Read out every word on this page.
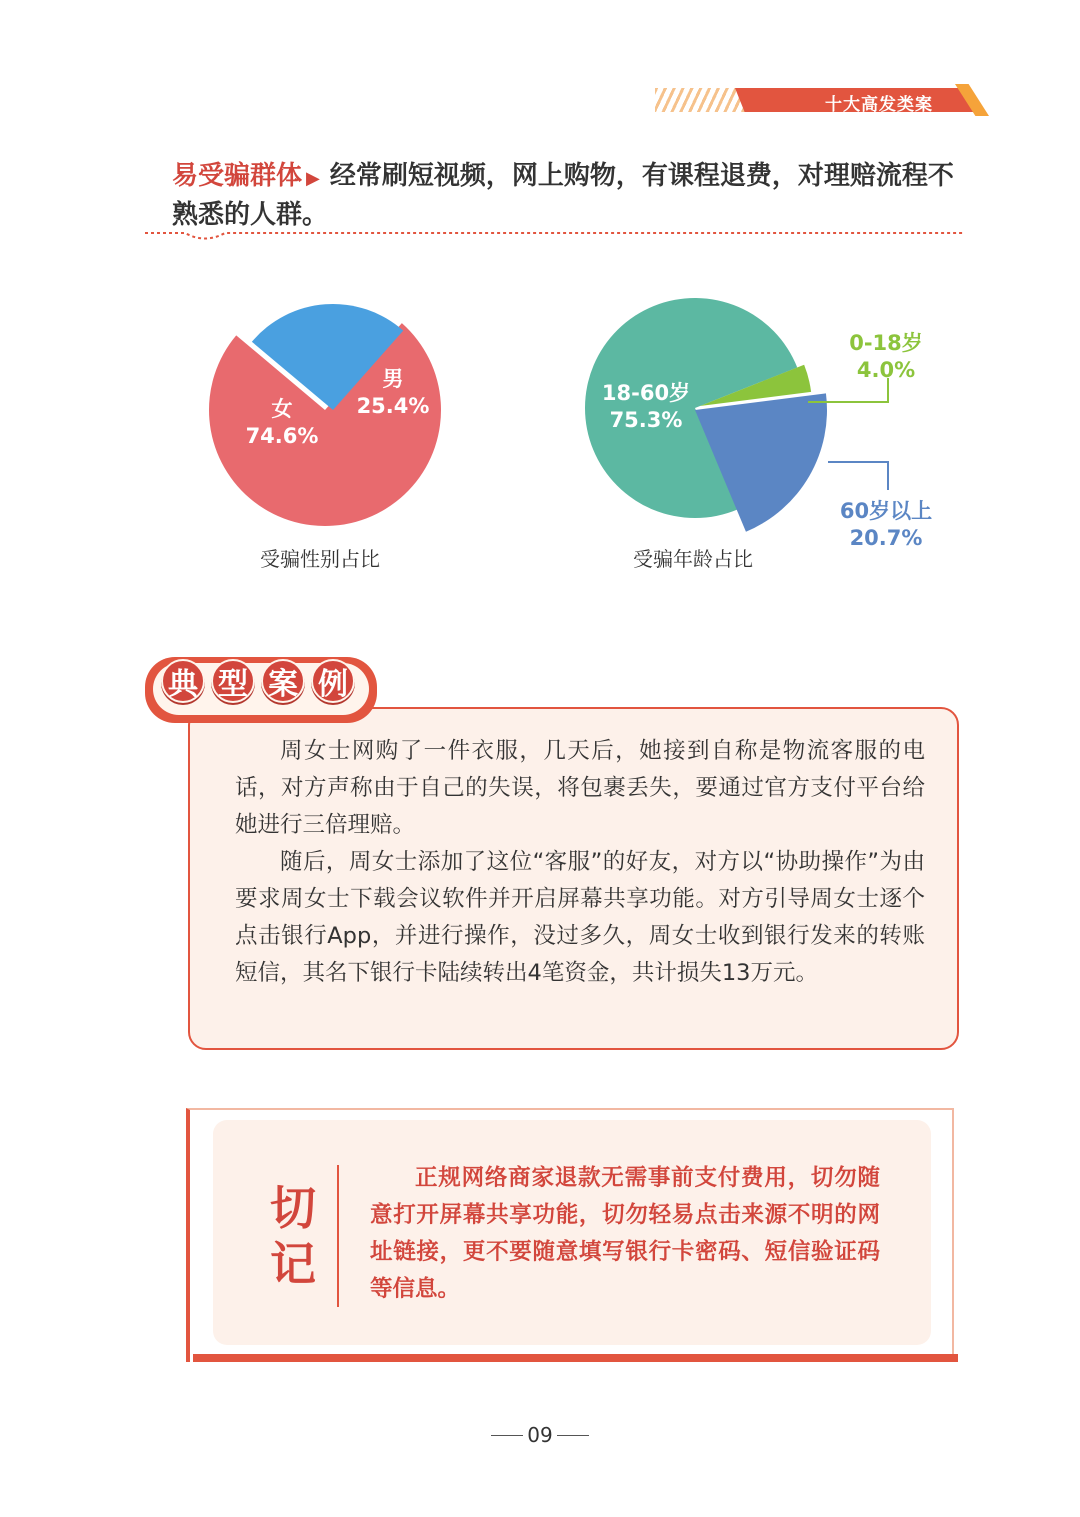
十大高发类案
易受骗群体 ▶ 经常刷短视频，网上购物，有课程退费，对理赔流程不熟悉的人群。
女
74.6%
男
25.4%
受骗性别占比
18-60岁
75.3%
0-18岁
4.0%
60岁以上
20.7%
受骗年龄占比

周女士网购了一件衣服，几天后，她接到自称是物流客服的电话，对方声称由于自己的失误，将包裹丢失，要通过官方支付平台给她进行三倍理赔。

随后，周女士添加了这位“客服”的好友，对方以“协助操作”为由要求周女士下载会议软件并开启屏幕共享功能。对方引导周女士逐个点击银行App，并进行操作，没过多久，周女士收到银行发来的转账短信，其名下银行卡陆续转出4笔资金，共计损失13万元。

典 型 案 例
切记

正规网络商家退款无需事前支付费用，切勿随意打开屏幕共享功能，切勿轻易点击来源不明的网址链接，更不要随意填写银行卡密码、短信验证码等信息。

09
